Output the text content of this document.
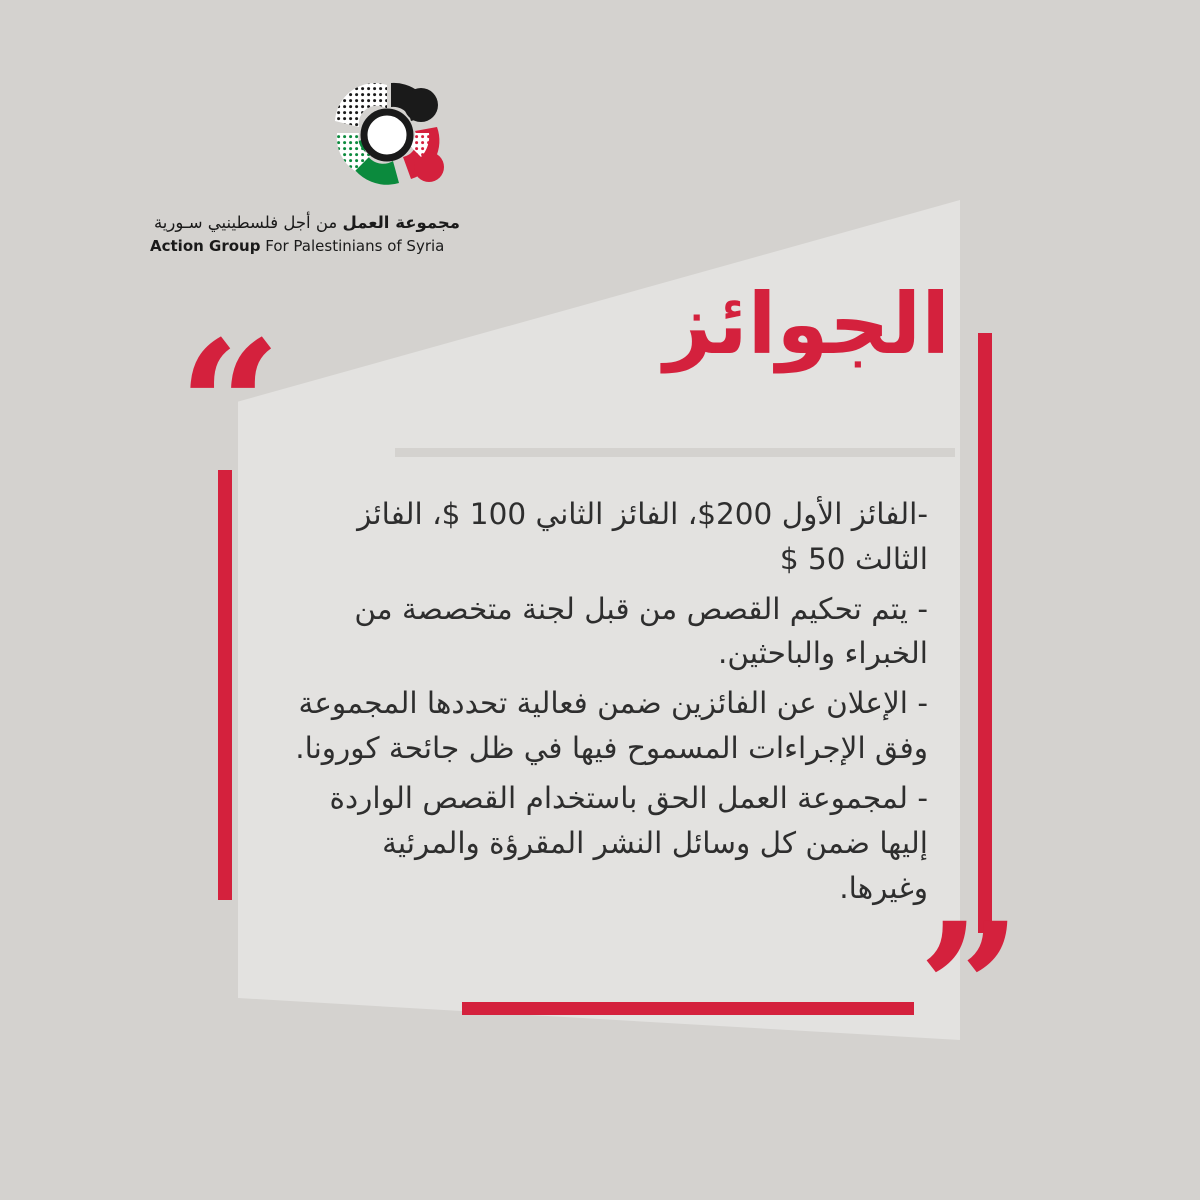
“
”
مجموعة العمل من أجل فلسطينيي سـورية
Action Group For Palestinians of Syria
الجوائز

-الفائز الأول 200$، الفائز الثاني 100 $، الفائز الثالث 50 $

- يتم تحكيم القصص من قبل لجنة متخصصة من الخبراء والباحثين.

- الإعلان عن الفائزين ضمن فعالية تحددها المجموعة وفق الإجراءات المسموح فيها في ظل جائحة كورونا.

- لمجموعة العمل الحق باستخدام القصص الواردة إليها ضمن كل وسائل النشر المقرؤة والمرئية وغيرها.
